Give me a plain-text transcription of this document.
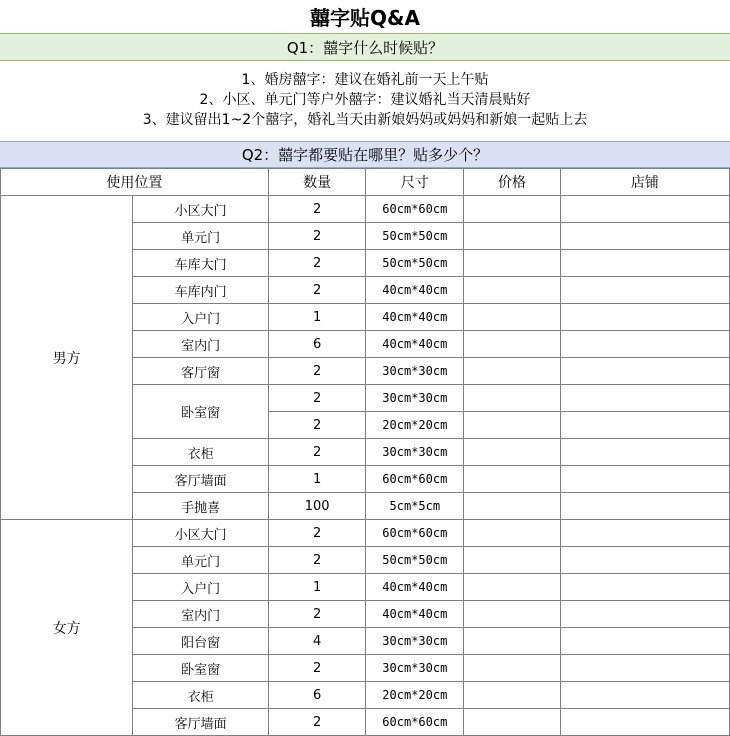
囍字贴Q&A
Q1：囍字什么时候贴？
1、婚房囍字：建议在婚礼前一天上午贴
2、小区、单元门等户外囍字：建议婚礼当天清晨贴好
3、建议留出1~2个囍字，婚礼当天由新娘妈妈或妈妈和新娘一起贴上去
Q2：囍字都要贴在哪里？贴多少个？
使用位置		数量	尺寸	价格	店铺
男方	小区大门	2	60cm*60cm		
	单元门	2	50cm*50cm		
	车库大门	2	50cm*50cm		
	车库内门	2	40cm*40cm		
	入户门	1	40cm*40cm		
	室内门	6	40cm*40cm		
	客厅窗	2	30cm*30cm		
	卧室窗	2	30cm*30cm		
		2	20cm*20cm		
	衣柜	2	30cm*30cm		
	客厅墙面	1	60cm*60cm		
	手抛喜	100	5cm*5cm		
女方	小区大门	2	60cm*60cm		
	单元门	2	50cm*50cm		
	入户门	1	40cm*40cm		
	室内门	2	40cm*40cm		
	阳台窗	4	30cm*30cm		
	卧室窗	2	30cm*30cm		
	衣柜	6	20cm*20cm		
	客厅墙面	2	60cm*60cm		
